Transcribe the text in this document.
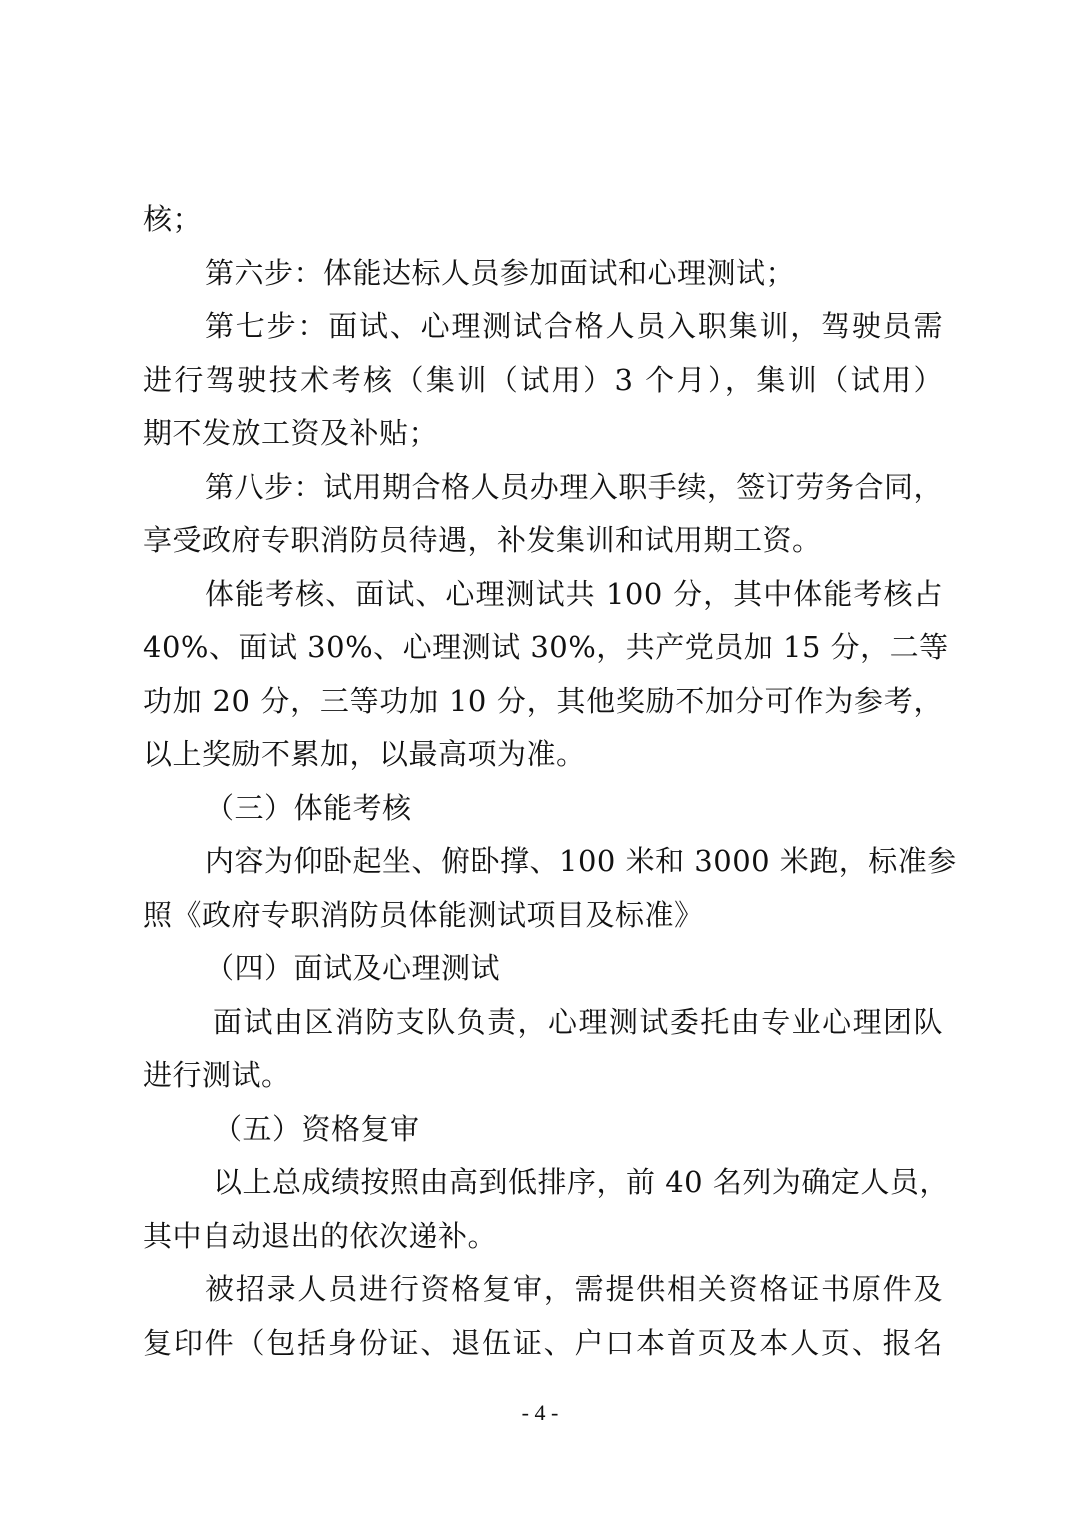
核；
第六步：体能达标人员参加面试和心理测试；
第七步：面试、心理测试合格人员入职集训，驾驶员需
进行驾驶技术考核（集训（试用）3 个月），集训（试用）
期不发放工资及补贴；
第八步：试用期合格人员办理入职手续，签订劳务合同，
享受政府专职消防员待遇，补发集训和试用期工资。
体能考核、面试、心理测试共 100 分，其中体能考核占
40%、面试 30%、心理测试 30%，共产党员加 15 分，二等
功加 20 分，三等功加 10 分，其他奖励不加分可作为参考，
以上奖励不累加，以最高项为准。
（三）体能考核
内容为仰卧起坐、俯卧撑、100 米和 3000 米跑，标准参
照《政府专职消防员体能测试项目及标准》
（四）面试及心理测试
面试由区消防支队负责，心理测试委托由专业心理团队
进行测试。
（五）资格复审
以上总成绩按照由高到低排序，前 40 名列为确定人员，
其中自动退出的依次递补。
被招录人员进行资格复审，需提供相关资格证书原件及
复印件（包括身份证、退伍证、户口本首页及本人页、报名
- 4 -
